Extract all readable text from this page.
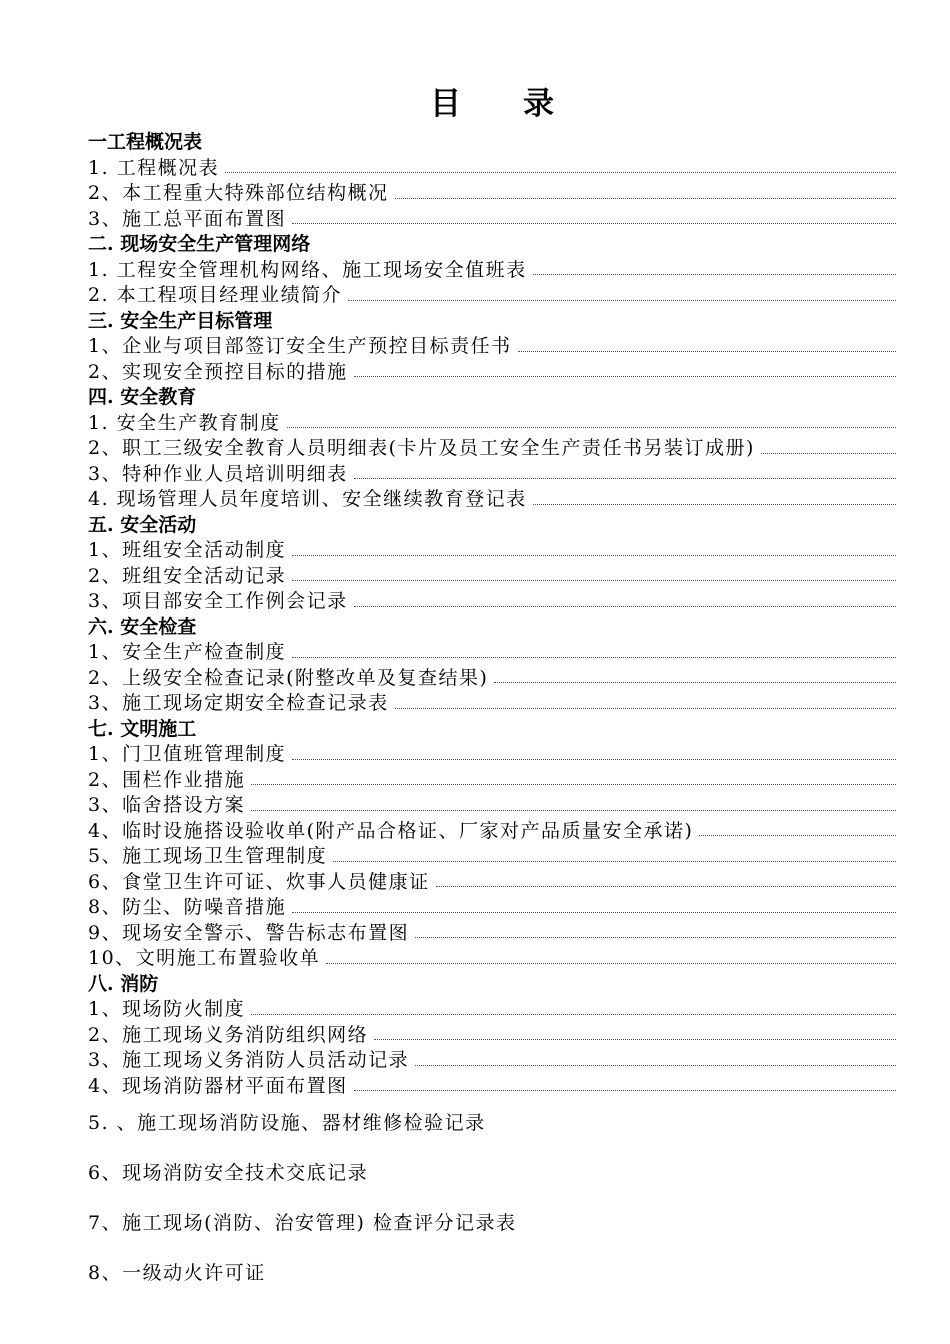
目 录
一工程概况表
1. 工程概况表
2、本工程重大特殊部位结构概况
3、施工总平面布置图
二. 现场安全生产管理网络
1. 工程安全管理机构网络、施工现场安全值班表
2. 本工程项目经理业绩简介
三. 安全生产目标管理
1、企业与项目部签订安全生产预控目标责任书
2、实现安全预控目标的措施
四. 安全教育
1. 安全生产教育制度
2、职工三级安全教育人员明细表(卡片及员工安全生产责任书另装订成册)
3、特种作业人员培训明细表
4. 现场管理人员年度培训、安全继续教育登记表
五. 安全活动
1、班组安全活动制度
2、班组安全活动记录
3、项目部安全工作例会记录
六. 安全检查
1、安全生产检查制度
2、上级安全检查记录(附整改单及复查结果)
3、施工现场定期安全检查记录表
七. 文明施工
1、门卫值班管理制度
2、围栏作业措施
3、临舍搭设方案
4、临时设施搭设验收单(附产品合格证、厂家对产品质量安全承诺)
5、施工现场卫生管理制度
6、食堂卫生许可证、炊事人员健康证
8、防尘、防噪音措施
9、现场安全警示、警告标志布置图
10、文明施工布置验收单
八. 消防
1、现场防火制度
2、施工现场义务消防组织网络
3、施工现场义务消防人员活动记录
4、现场消防器材平面布置图
5. 、施工现场消防设施、器材维修检验记录
6、现场消防安全技术交底记录
7、施工现场(消防、治安管理) 检查评分记录表
8、一级动火许可证
